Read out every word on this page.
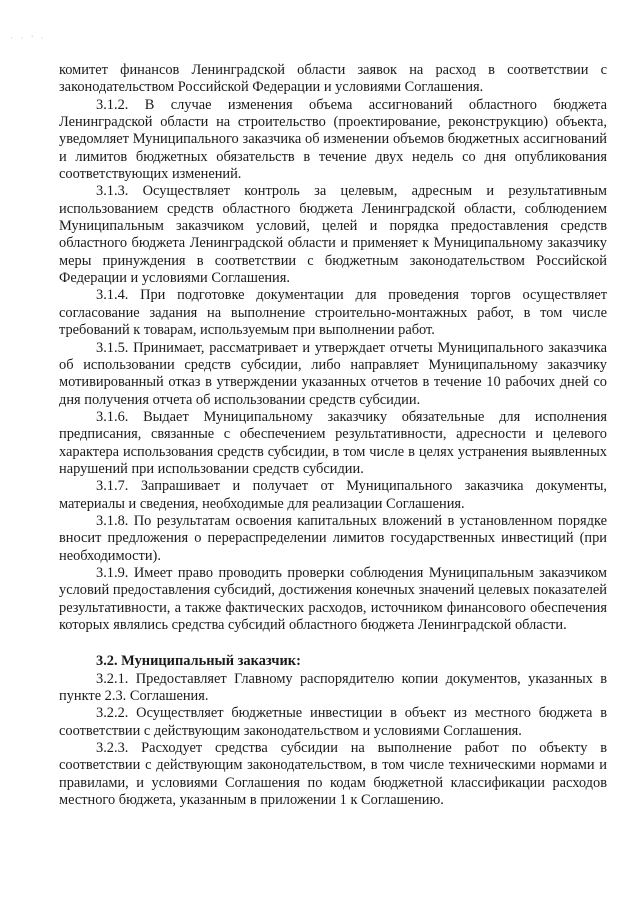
· · ' ·

комитет финансов Ленинградской области заявок на расход в соответствии с законодательством Российской Федерации и условиями Соглашения.

3.1.2. В случае изменения объема ассигнований областного бюджета Ленинградской области на строительство (проектирование, реконструкцию) объекта, уведомляет Муниципального заказчика об изменении объемов бюджетных ассигнований и лимитов бюджетных обязательств в течение двух недель со дня опубликования соответствующих изменений.

3.1.3. Осуществляет контроль за целевым, адресным и результативным использованием средств областного бюджета Ленинградской области, соблюдением Муниципальным заказчиком условий, целей и порядка предоставления средств областного бюджета Ленинградской области и применяет к Муниципальному заказчику меры принуждения в соответствии с бюджетным законодательством Российской Федерации и условиями Соглашения.

3.1.4. При подготовке документации для проведения торгов осуществляет согласование задания на выполнение строительно-монтажных работ, в том числе требований к товарам, используемым при выполнении работ.

3.1.5. Принимает, рассматривает и утверждает отчеты Муниципального заказчика об использовании средств субсидии, либо направляет Муниципальному заказчику мотивированный отказ в утверждении указанных отчетов в течение 10 рабочих дней со дня получения отчета об использовании средств субсидии.

3.1.6. Выдает Муниципальному заказчику обязательные для исполнения предписания, связанные с обеспечением результативности, адресности и целевого характера использования средств субсидии, в том числе в целях устранения выявленных нарушений при использовании средств субсидии.

3.1.7. Запрашивает и получает от Муниципального заказчика документы, материалы и сведения, необходимые для реализации Соглашения.

3.1.8. По результатам освоения капитальных вложений в установленном порядке вносит предложения о перераспределении лимитов государственных инвестиций (при необходимости).

3.1.9. Имеет право проводить проверки соблюдения Муниципальным заказчиком условий предоставления субсидий, достижения конечных значений целевых показателей результативности, а также фактических расходов, источником финансового обеспечения которых являлись средства субсидий областного бюджета Ленинградской области.

3.2. Муниципальный заказчик:

3.2.1. Предоставляет Главному распорядителю копии документов, указанных в пункте 2.3. Соглашения.

3.2.2. Осуществляет бюджетные инвестиции в объект из местного бюджета в соответствии с действующим законодательством и условиями Соглашения.

3.2.3. Расходует средства субсидии на выполнение работ по объекту в соответствии с действующим законодательством, в том числе техническими нормами и правилами, и условиями Соглашения по кодам бюджетной классификации расходов местного бюджета, указанным в приложении 1 к Соглашению.
